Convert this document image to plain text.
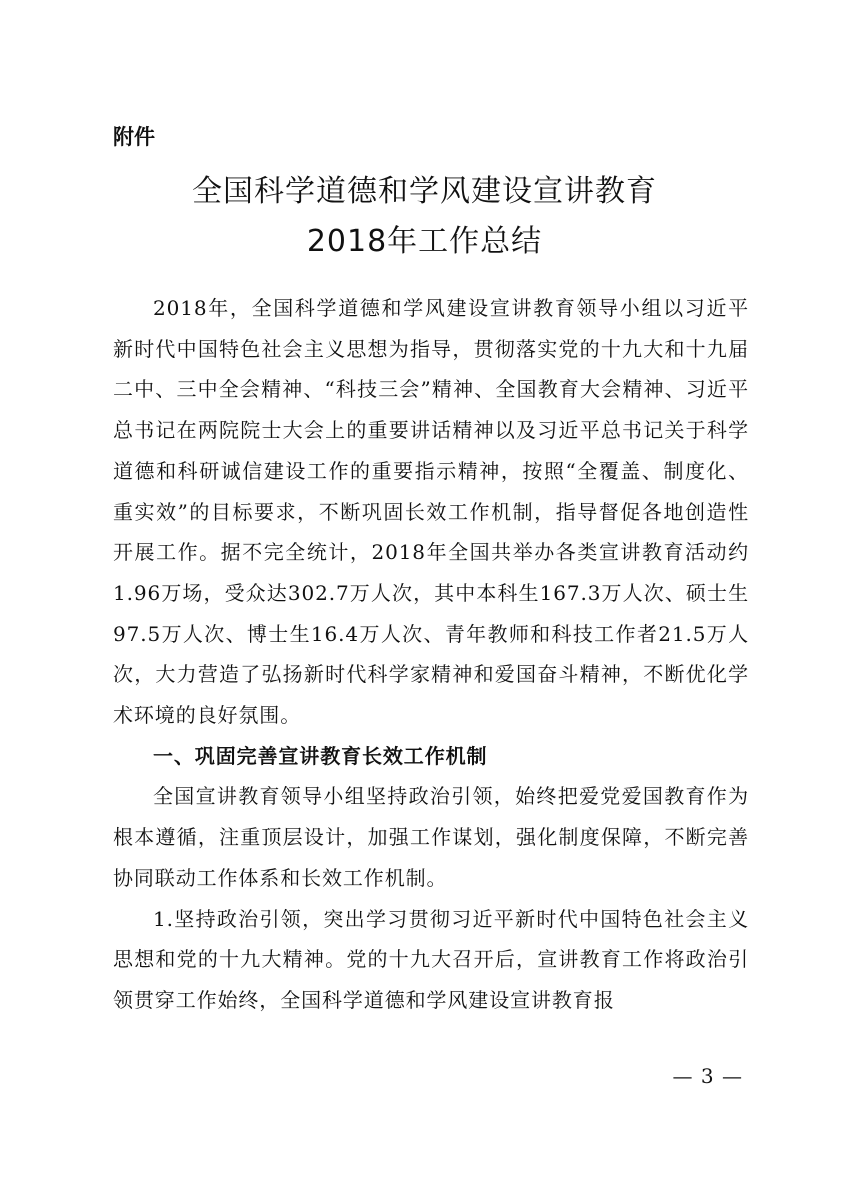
附件
全国科学道德和学风建设宣讲教育
2018年工作总结

2018年，全国科学道德和学风建设宣讲教育领导小组以习近平新时代中国特色社会主义思想为指导，贯彻落实党的十九大和十九届二中、三中全会精神、“科技三会”精神、全国教育大会精神、习近平总书记在两院院士大会上的重要讲话精神以及习近平总书记关于科学道德和科研诚信建设工作的重要指示精神，按照“全覆盖、制度化、重实效”的目标要求，不断巩固长效工作机制，指导督促各地创造性开展工作。据不完全统计，2018年全国共举办各类宣讲教育活动约1.96万场，受众达302.7万人次，其中本科生167.3万人次、硕士生97.5万人次、博士生16.4万人次、青年教师和科技工作者21.5万人次，大力营造了弘扬新时代科学家精神和爱国奋斗精神，不断优化学术环境的良好氛围。

一、巩固完善宣讲教育长效工作机制

全国宣讲教育领导小组坚持政治引领，始终把爱党爱国教育作为根本遵循，注重顶层设计，加强工作谋划，强化制度保障，不断完善协同联动工作体系和长效工作机制。

1.坚持政治引领，突出学习贯彻习近平新时代中国特色社会主义思想和党的十九大精神。党的十九大召开后，宣讲教育工作将政治引领贯穿工作始终，全国科学道德和学风建设宣讲教育报

— 3 —
